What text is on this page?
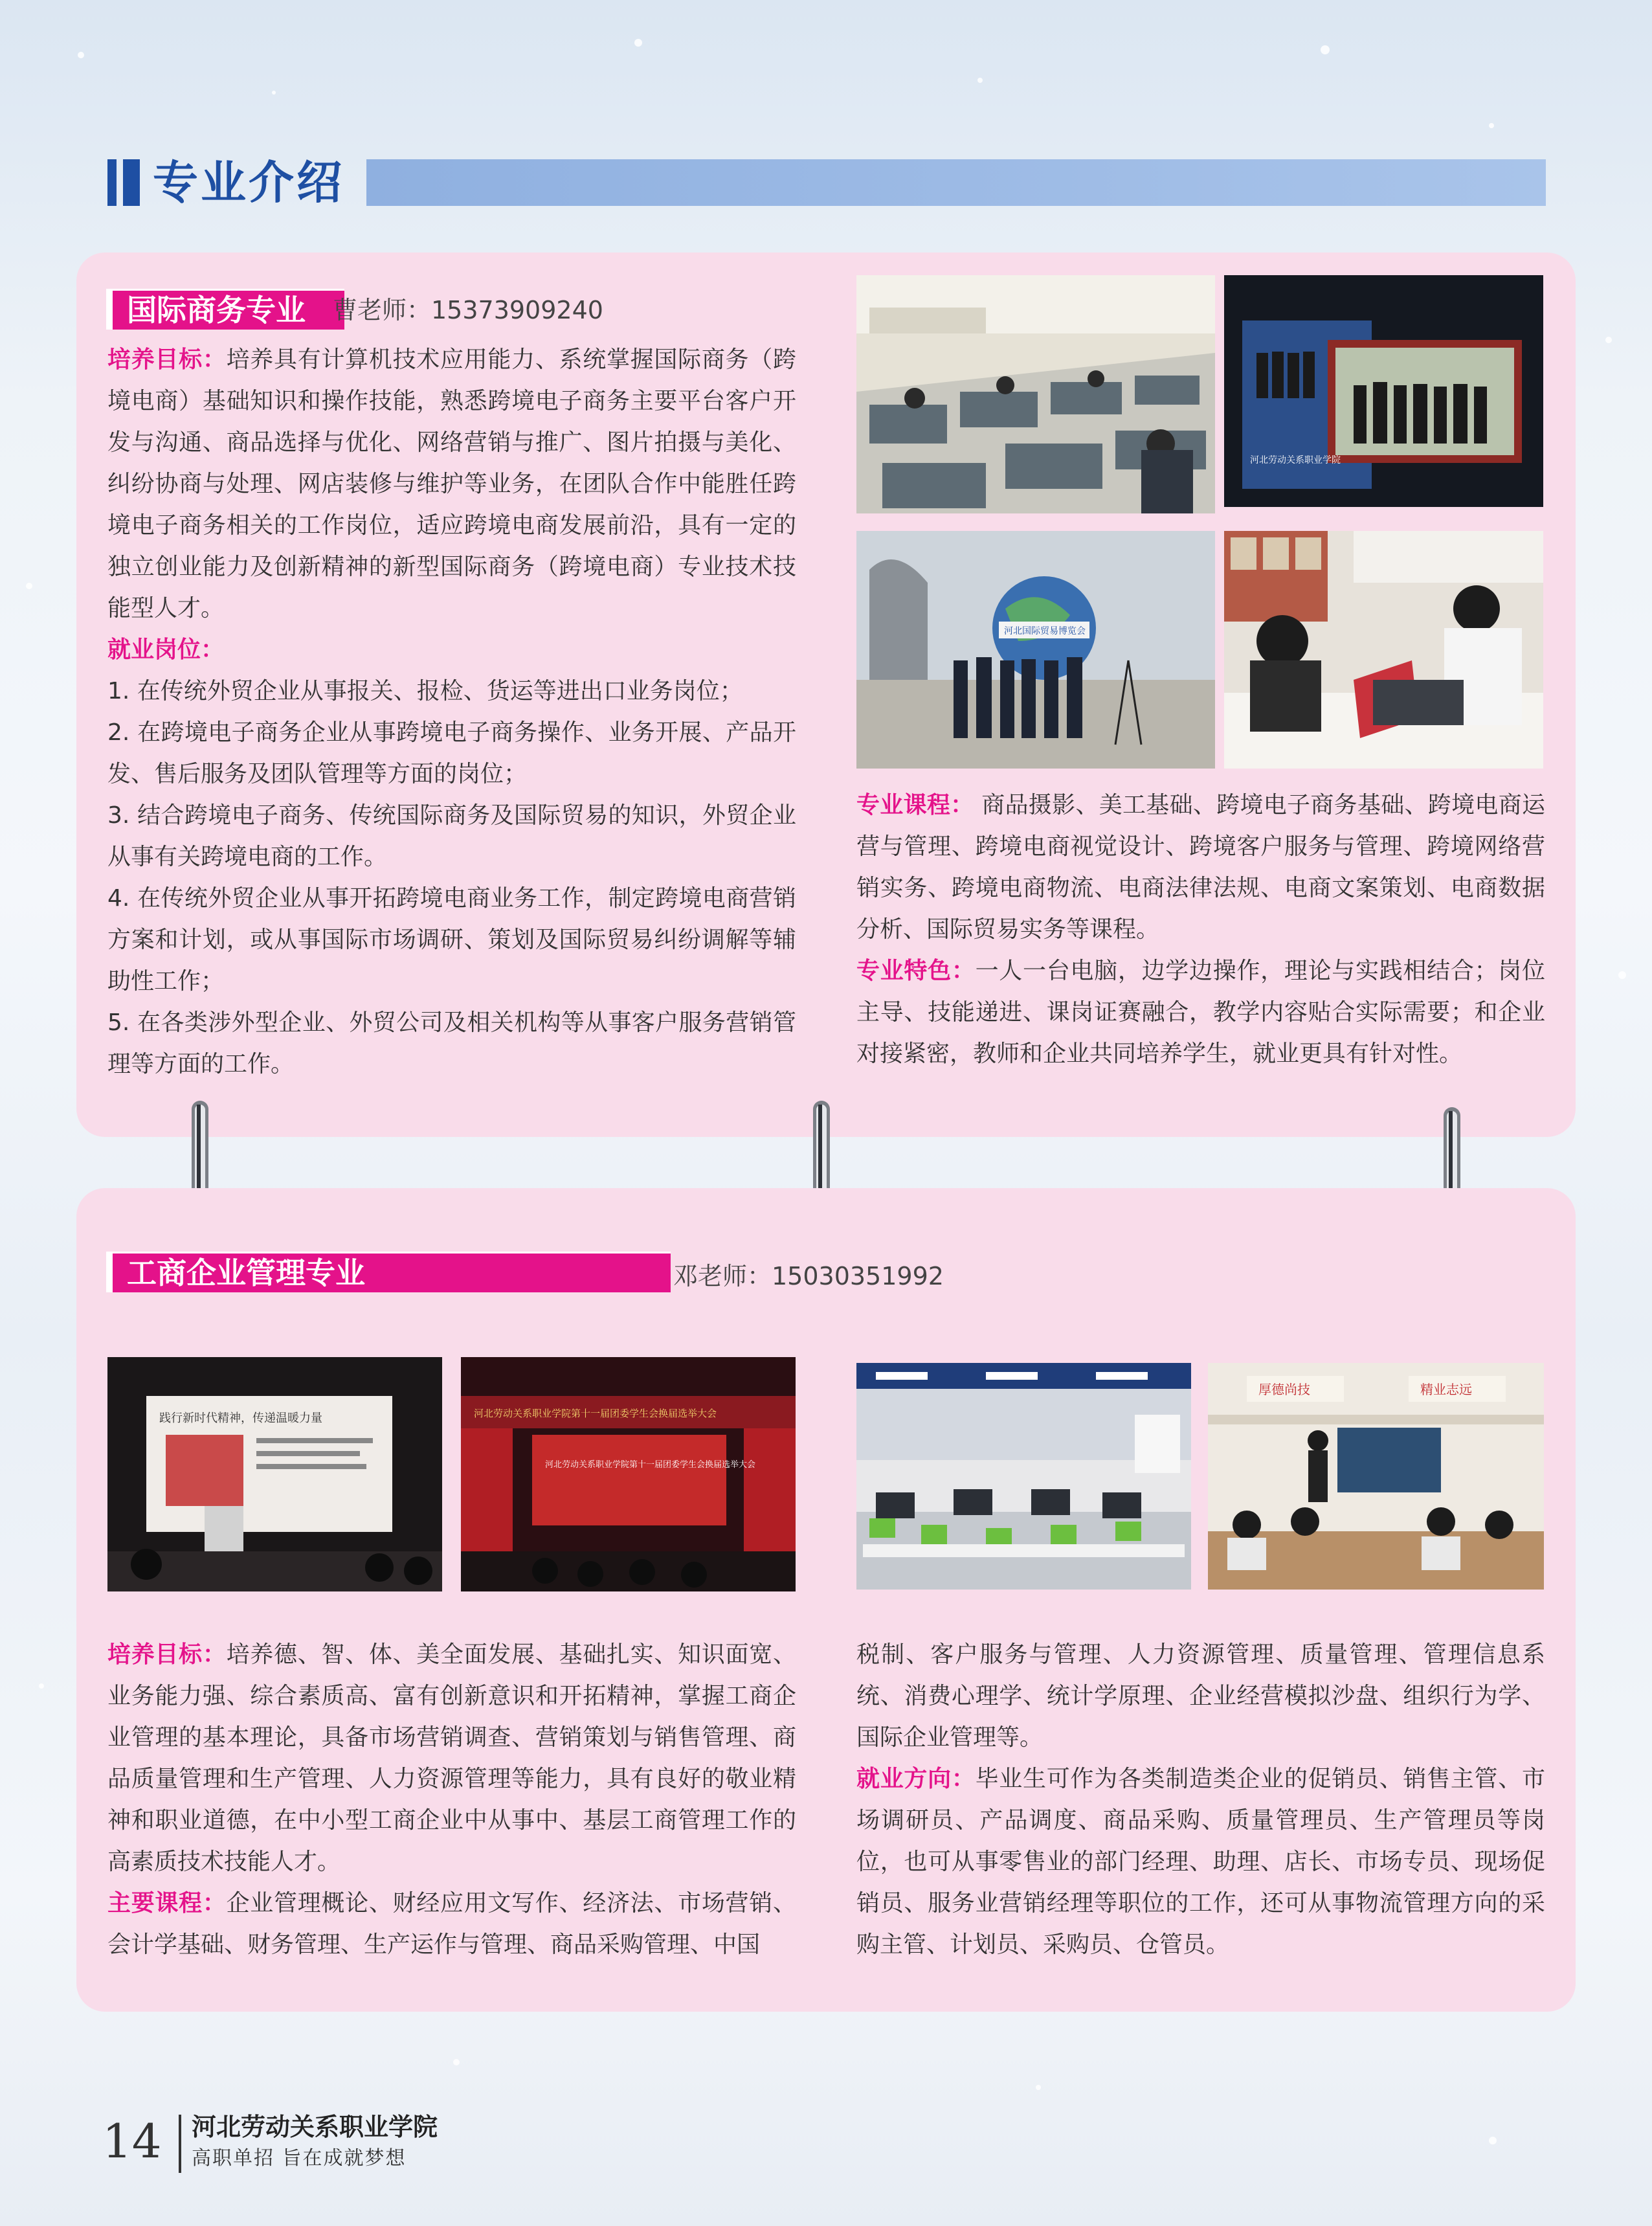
专业介绍
国际商务专业	曹老师：15373909240

培养目标：培养具有计算机技术应用能力、系统掌握国际商务（跨境电商）基础知识和操作技能，熟悉跨境电子商务主要平台客户开发与沟通、商品选择与优化、网络营销与推广、图片拍摄与美化、纠纷协商与处理、网店装修与维护等业务，在团队合作中能胜任跨境电子商务相关的工作岗位，适应跨境电商发展前沿，具有一定的独立创业能力及创新精神的新型国际商务（跨境电商）专业技术技能型人才。

就业岗位：

1. 在传统外贸企业从事报关、报检、货运等进出口业务岗位；

2. 在跨境电子商务企业从事跨境电子商务操作、业务开展、产品开发、售后服务及团队管理等方面的岗位；

3. 结合跨境电子商务、传统国际商务及国际贸易的知识，外贸企业从事有关跨境电商的工作。

4. 在传统外贸企业从事开拓跨境电商业务工作，制定跨境电商营销方案和计划，或从事国际市场调研、策划及国际贸易纠纷调解等辅助性工作；

5. 在各类涉外型企业、外贸公司及相关机构等从事客户服务营销管理等方面的工作。

河北劳动关系职业学院
河北国际贸易博览会

专业课程： 商品摄影、美工基础、跨境电子商务基础、跨境电商运营与管理、跨境电商视觉设计、跨境客户服务与管理、跨境网络营销实务、跨境电商物流、电商法律法规、电商文案策划、电商数据分析、国际贸易实务等课程。

专业特色：一人一台电脑，边学边操作，理论与实践相结合；岗位主导、技能递进、课岗证赛融合，教学内容贴合实际需要；和企业对接紧密，教师和企业共同培养学生，就业更具有针对性。

工商企业管理专业	邓老师：15030351992
践行新时代精神，传递温暖力量	河北劳动关系职业学院第十一届团委学生会换届选举大会
河北劳动关系职业学院第十一届团委学生会换届选举大会
厚德尚技	精业志远

培养目标：培养德、智、体、美全面发展、基础扎实、知识面宽、业务能力强、综合素质高、富有创新意识和开拓精神，掌握工商企业管理的基本理论，具备市场营销调查、营销策划与销售管理、商品质量管理和生产管理、人力资源管理等能力，具有良好的敬业精神和职业道德，在中小型工商企业中从事中、基层工商管理工作的高素质技术技能人才。

主要课程：企业管理概论、财经应用文写作、经济法、市场营销、会计学基础、财务管理、生产运作与管理、商品采购管理、中国

税制、客户服务与管理、人力资源管理、质量管理、管理信息系统、消费心理学、统计学原理、企业经营模拟沙盘、组织行为学、国际企业管理等。

就业方向：毕业生可作为各类制造类企业的促销员、销售主管、市场调研员、产品调度、商品采购、质量管理员、生产管理员等岗位，也可从事零售业的部门经理、助理、店长、市场专员、现场促销员、服务业营销经理等职位的工作，还可从事物流管理方向的采购主管、计划员、采购员、仓管员。

14 河北劳动关系职业学院
高职单招 旨在成就梦想
